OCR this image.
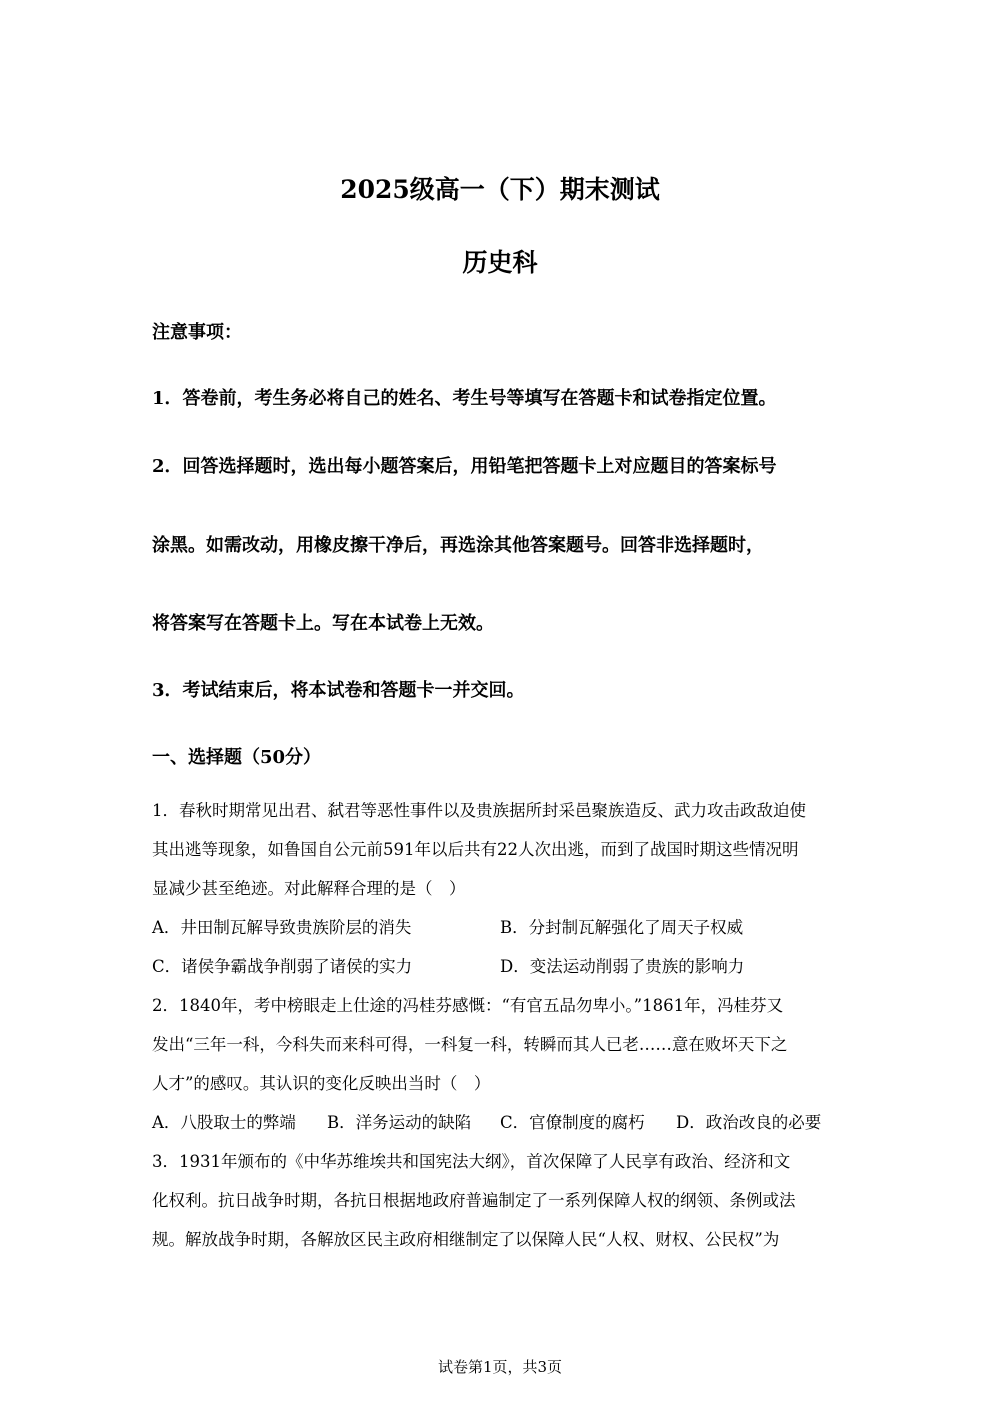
2025级高一（下）期末测试
历史科
注意事项：
1．答卷前，考生务必将自己的姓名、考生号等填写在答题卡和试卷指定位置。
2．回答选择题时，选出每小题答案后，用铅笔把答题卡上对应题目的答案标号
涂黑。如需改动，用橡皮擦干净后，再选涂其他答案题号。回答非选择题时，
将答案写在答题卡上。写在本试卷上无效。
3．考试结束后，将本试卷和答题卡一并交回。
一、选择题（50分）
1．春秋时期常见出君、弑君等恶性事件以及贵族据所封采邑聚族造反、武力攻击政敌迫使
其出逃等现象，如鲁国自公元前591年以后共有22人次出逃，而到了战国时期这些情况明
显减少甚至绝迹。对此解释合理的是（　）
A．井田制瓦解导致贵族阶层的消失	B．分封制瓦解强化了周天子权威
C．诸侯争霸战争削弱了诸侯的实力	D．变法运动削弱了贵族的影响力
2．1840年，考中榜眼走上仕途的冯桂芬感慨：“有官五品勿卑小。”1861年，冯桂芬又
发出“三年一科，今科失而来科可得，一科复一科，转瞬而其人已老……意在败坏天下之
人才”的感叹。其认识的变化反映出当时（　）
A．八股取士的弊端 B．洋务运动的缺陷 C．官僚制度的腐朽 D．政治改良的必要
3．1931年颁布的《中华苏维埃共和国宪法大纲》，首次保障了人民享有政治、经济和文
化权利。抗日战争时期，各抗日根据地政府普遍制定了一系列保障人权的纲领、条例或法
规。解放战争时期，各解放区民主政府相继制定了以保障人民“人权、财权、公民权”为
试卷第1页，共3页
